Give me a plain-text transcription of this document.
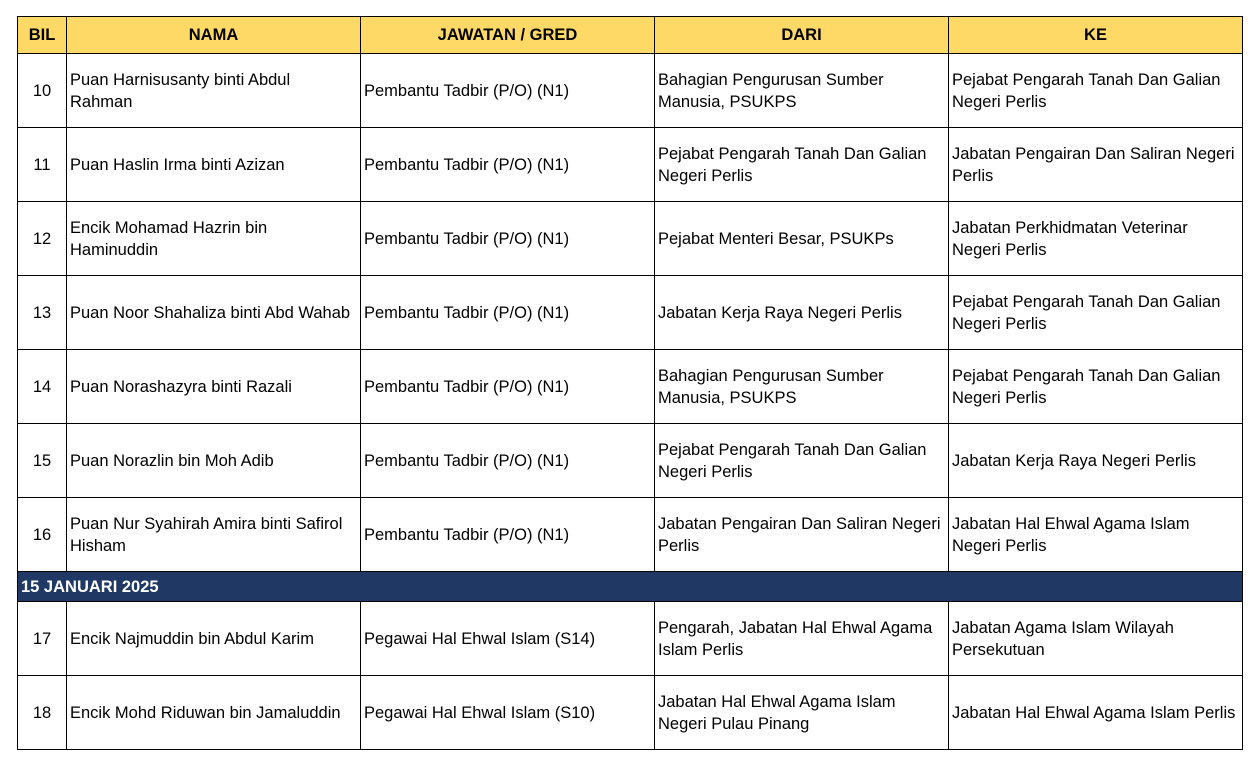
BIL	NAMA	JAWATAN / GRED	DARI	KE
10	Puan Harnisusanty binti Abdul Rahman	Pembantu Tadbir (P/O) (N1)	Bahagian Pengurusan Sumber Manusia, PSUKPS	Pejabat Pengarah Tanah Dan Galian Negeri Perlis
11	Puan Haslin Irma binti Azizan	Pembantu Tadbir (P/O) (N1)	Pejabat Pengarah Tanah Dan Galian Negeri Perlis	Jabatan Pengairan Dan Saliran Negeri Perlis
12	Encik Mohamad Hazrin bin Haminuddin	Pembantu Tadbir (P/O) (N1)	Pejabat Menteri Besar, PSUKPs	Jabatan Perkhidmatan Veterinar Negeri Perlis
13	Puan Noor Shahaliza binti Abd Wahab	Pembantu Tadbir (P/O) (N1)	Jabatan Kerja Raya Negeri Perlis	Pejabat Pengarah Tanah Dan Galian Negeri Perlis
14	Puan Norashazyra binti Razali	Pembantu Tadbir (P/O) (N1)	Bahagian Pengurusan Sumber Manusia, PSUKPS	Pejabat Pengarah Tanah Dan Galian Negeri Perlis
15	Puan Norazlin bin Moh Adib	Pembantu Tadbir (P/O) (N1)	Pejabat Pengarah Tanah Dan Galian Negeri Perlis	Jabatan Kerja Raya Negeri Perlis
16	Puan Nur Syahirah Amira binti Safirol Hisham	Pembantu Tadbir (P/O) (N1)	Jabatan Pengairan Dan Saliran Negeri Perlis	Jabatan Hal Ehwal Agama Islam Negeri Perlis
15 JANUARI 2025				
17	Encik Najmuddin bin Abdul Karim	Pegawai Hal Ehwal Islam (S14)	Pengarah, Jabatan Hal Ehwal Agama Islam Perlis	Jabatan Agama Islam Wilayah Persekutuan
18	Encik Mohd Riduwan bin Jamaluddin	Pegawai Hal Ehwal Islam (S10)	Jabatan Hal Ehwal Agama Islam Negeri Pulau Pinang	Jabatan Hal Ehwal Agama Islam Perlis
